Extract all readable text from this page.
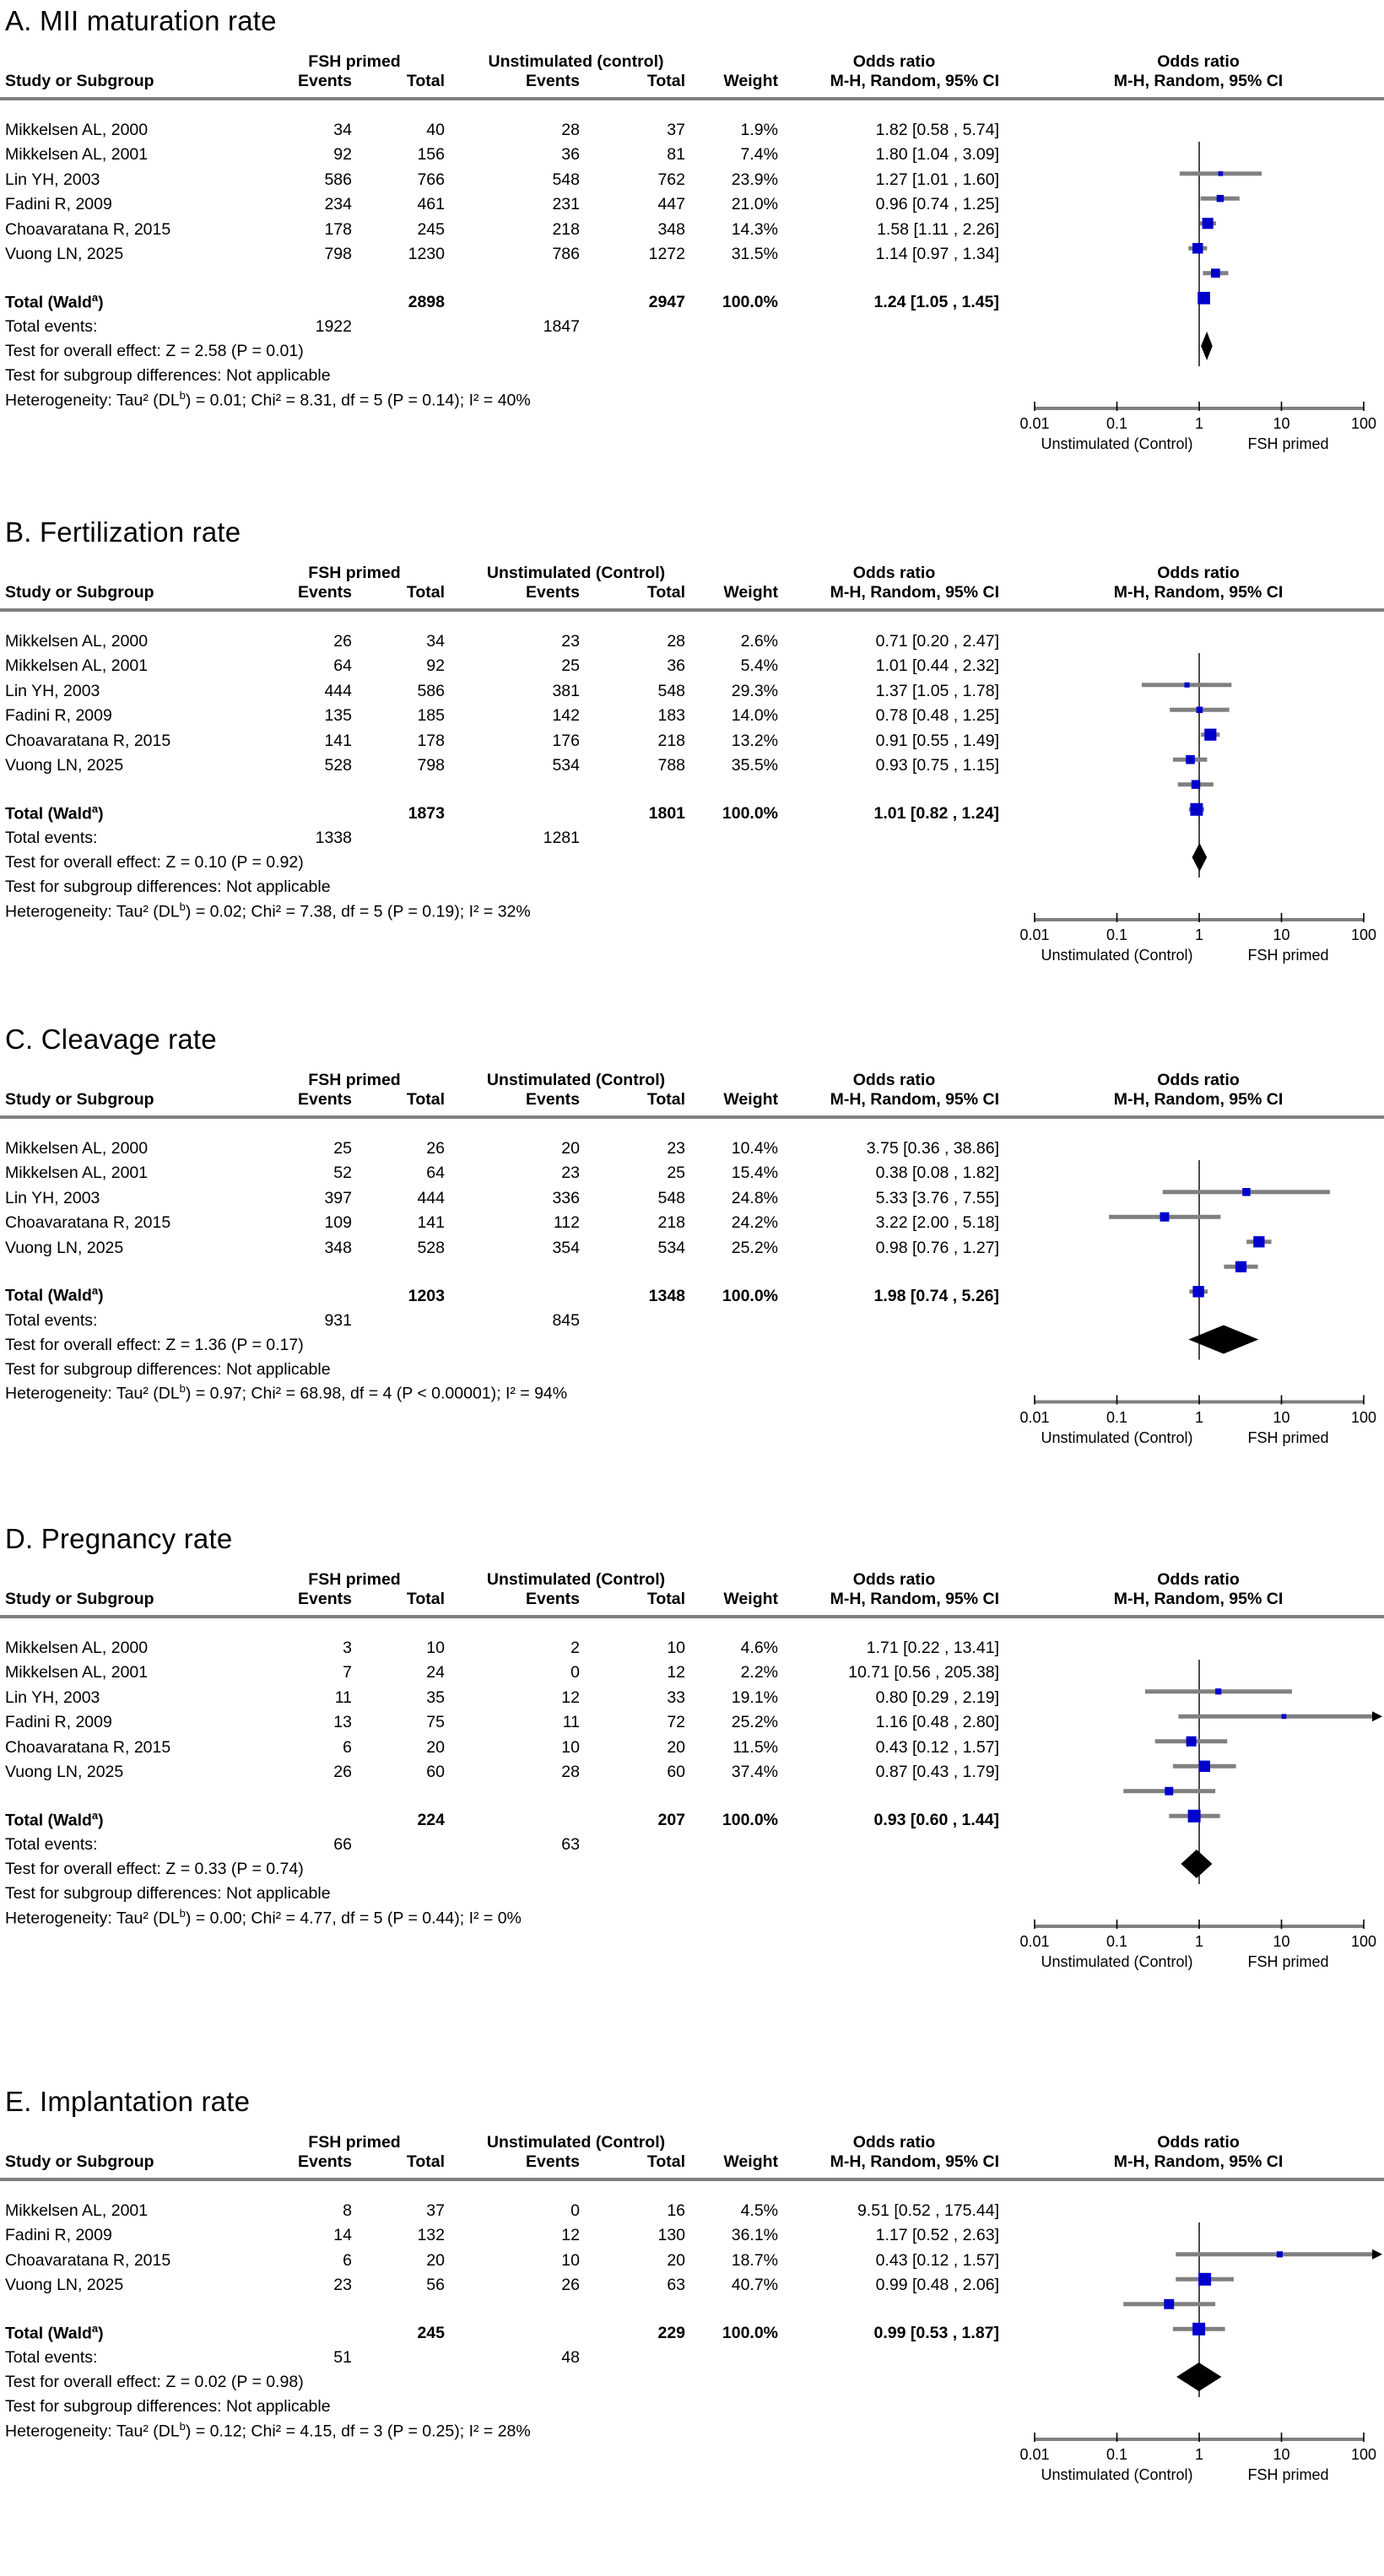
A. MII maturation rate
	FSH primed		Unstimulated (control)			Odds ratio	Odds ratio
Study or Subgroup	Events	Total	Events	Total	Weight	M-H, Random, 95% CI	M-H, Random, 95% CI

Mikkelsen AL, 2000	34	40	28	37	1.9%	1.82 [0.58 , 5.74]	
Mikkelsen AL, 2001	92	156	36	81	7.4%	1.80 [1.04 , 3.09]	
Lin YH, 2003	586	766	548	762	23.9%	1.27 [1.01 , 1.60]	
Fadini R, 2009	234	461	231	447	21.0%	0.96 [0.74 , 1.25]	
Choavaratana R, 2015	178	245	218	348	14.3%	1.58 [1.11 , 2.26]	
Vuong LN, 2025	798	1230	786	1272	31.5%	1.14 [0.97 , 1.34]	

Total (Wald$^a$)		2898		2947	100.0%	1.24 [1.05 , 1.45]	
Total events:	1922		1847				
Test for overall effect: Z = 2.58 (P = 0.01)							
Test for subgroup differences: Not applicable							
Heterogeneity: Tau² $(DL^b) = 0.01$; Chi² = 8.31, df = 5 (P = 0.14); I² = 40%							
0.01	0.1	1	10	100
Unstimulated (Control)	FSH primed
B. Fertilization rate
	FSH primed		Unstimulated (Control)			Odds ratio	Odds ratio
Study or Subgroup	Events	Total	Events	Total	Weight	M-H, Random, 95% CI	M-H, Random, 95% CI

Mikkelsen AL, 2000	26	34	23	28	2.6%	0.71 [0.20 , 2.47]	
Mikkelsen AL, 2001	64	92	25	36	5.4%	1.01 [0.44 , 2.32]	
Lin YH, 2003	444	586	381	548	29.3%	1.37 [1.05 , 1.78]	
Fadini R, 2009	135	185	142	183	14.0%	0.78 [0.48 , 1.25]	
Choavaratana R, 2015	141	178	176	218	13.2%	0.91 [0.55 , 1.49]	
Vuong LN, 2025	528	798	534	788	35.5%	0.93 [0.75 , 1.15]	

Total (Wald$^a$)		1873		1801	100.0%	1.01 [0.82 , 1.24]	
Total events:	1338		1281				
Test for overall effect: Z = 0.10 (P = 0.92)							
Test for subgroup differences: Not applicable							
Heterogeneity: Tau² $(DL^b) = 0.02$; Chi² = 7.38, df = 5 (P = 0.19); I² = 32%							
0.01	0.1	1	10	100
Unstimulated (Control)	FSH primed
C. Cleavage rate
	FSH primed		Unstimulated (Control)			Odds ratio	Odds ratio
Study or Subgroup	Events	Total	Events	Total	Weight	M-H, Random, 95% CI	M-H, Random, 95% CI

Mikkelsen AL, 2000	25	26	20	23	10.4%	3.75 [0.36 , 38.86]	
Mikkelsen AL, 2001	52	64	23	25	15.4%	0.38 [0.08 , 1.82]	
Lin YH, 2003	397	444	336	548	24.8%	5.33 [3.76 , 7.55]	
Choavaratana R, 2015	109	141	112	218	24.2%	3.22 [2.00 , 5.18]	
Vuong LN, 2025	348	528	354	534	25.2%	0.98 [0.76 , 1.27]	

Total (Wald$^a$)		1203		1348	100.0%	1.98 [0.74 , 5.26]	
Total events:	931		845				
Test for overall effect: Z = 1.36 (P = 0.17)							
Test for subgroup differences: Not applicable							
Heterogeneity: Tau² $(DL^b) = 0.97$; Chi² = 68.98, df = 4 (P < 0.00001); I² = 94%							
0.01	0.1	1	10	100
Unstimulated (Control)	FSH primed
D. Pregnancy rate
	FSH primed		Unstimulated (Control)			Odds ratio	Odds ratio
Study or Subgroup	Events	Total	Events	Total	Weight	M-H, Random, 95% CI	M-H, Random, 95% CI

Mikkelsen AL, 2000	3	10	2	10	4.6%	1.71 [0.22 , 13.41]	
Mikkelsen AL, 2001	7	24	0	12	2.2%	10.71 [0.56 , 205.38]	
Lin YH, 2003	11	35	12	33	19.1%	0.80 [0.29 , 2.19]	
Fadini R, 2009	13	75	11	72	25.2%	1.16 [0.48 , 2.80]	
Choavaratana R, 2015	6	20	10	20	11.5%	0.43 [0.12 , 1.57]	
Vuong LN, 2025	26	60	28	60	37.4%	0.87 [0.43 , 1.79]	

Total (Wald$^a$)		224		207	100.0%	0.93 [0.60 , 1.44]	
Total events:	66		63				
Test for overall effect: Z = 0.33 (P = 0.74)							
Test for subgroup differences: Not applicable							
Heterogeneity: Tau² $(DL^b) = 0.00$; Chi² = 4.77, df = 5 (P = 0.44); I² = 0%							
0.01	0.1	1	10	100
Unstimulated (Control)	FSH primed
E. Implantation rate
	FSH primed		Unstimulated (Control)			Odds ratio	Odds ratio
Study or Subgroup	Events	Total	Events	Total	Weight	M-H, Random, 95% CI	M-H, Random, 95% CI

Mikkelsen AL, 2001	8	37	0	16	4.5%	9.51 [0.52 , 175.44]	
Fadini R, 2009	14	132	12	130	36.1%	1.17 [0.52 , 2.63]	
Choavaratana R, 2015	6	20	10	20	18.7%	0.43 [0.12 , 1.57]	
Vuong LN, 2025	23	56	26	63	40.7%	0.99 [0.48 , 2.06]	

Total (Wald$^a$)		245		229	100.0%	0.99 [0.53 , 1.87]	
Total events:	51		48				
Test for overall effect: Z = 0.02 (P = 0.98)							
Test for subgroup differences: Not applicable							
Heterogeneity: Tau² $(DL^b) = 0.12$; Chi² = 4.15, df = 3 (P = 0.25); I² = 28%							
0.01	0.1	1	10	100
Unstimulated (Control)	FSH primed
